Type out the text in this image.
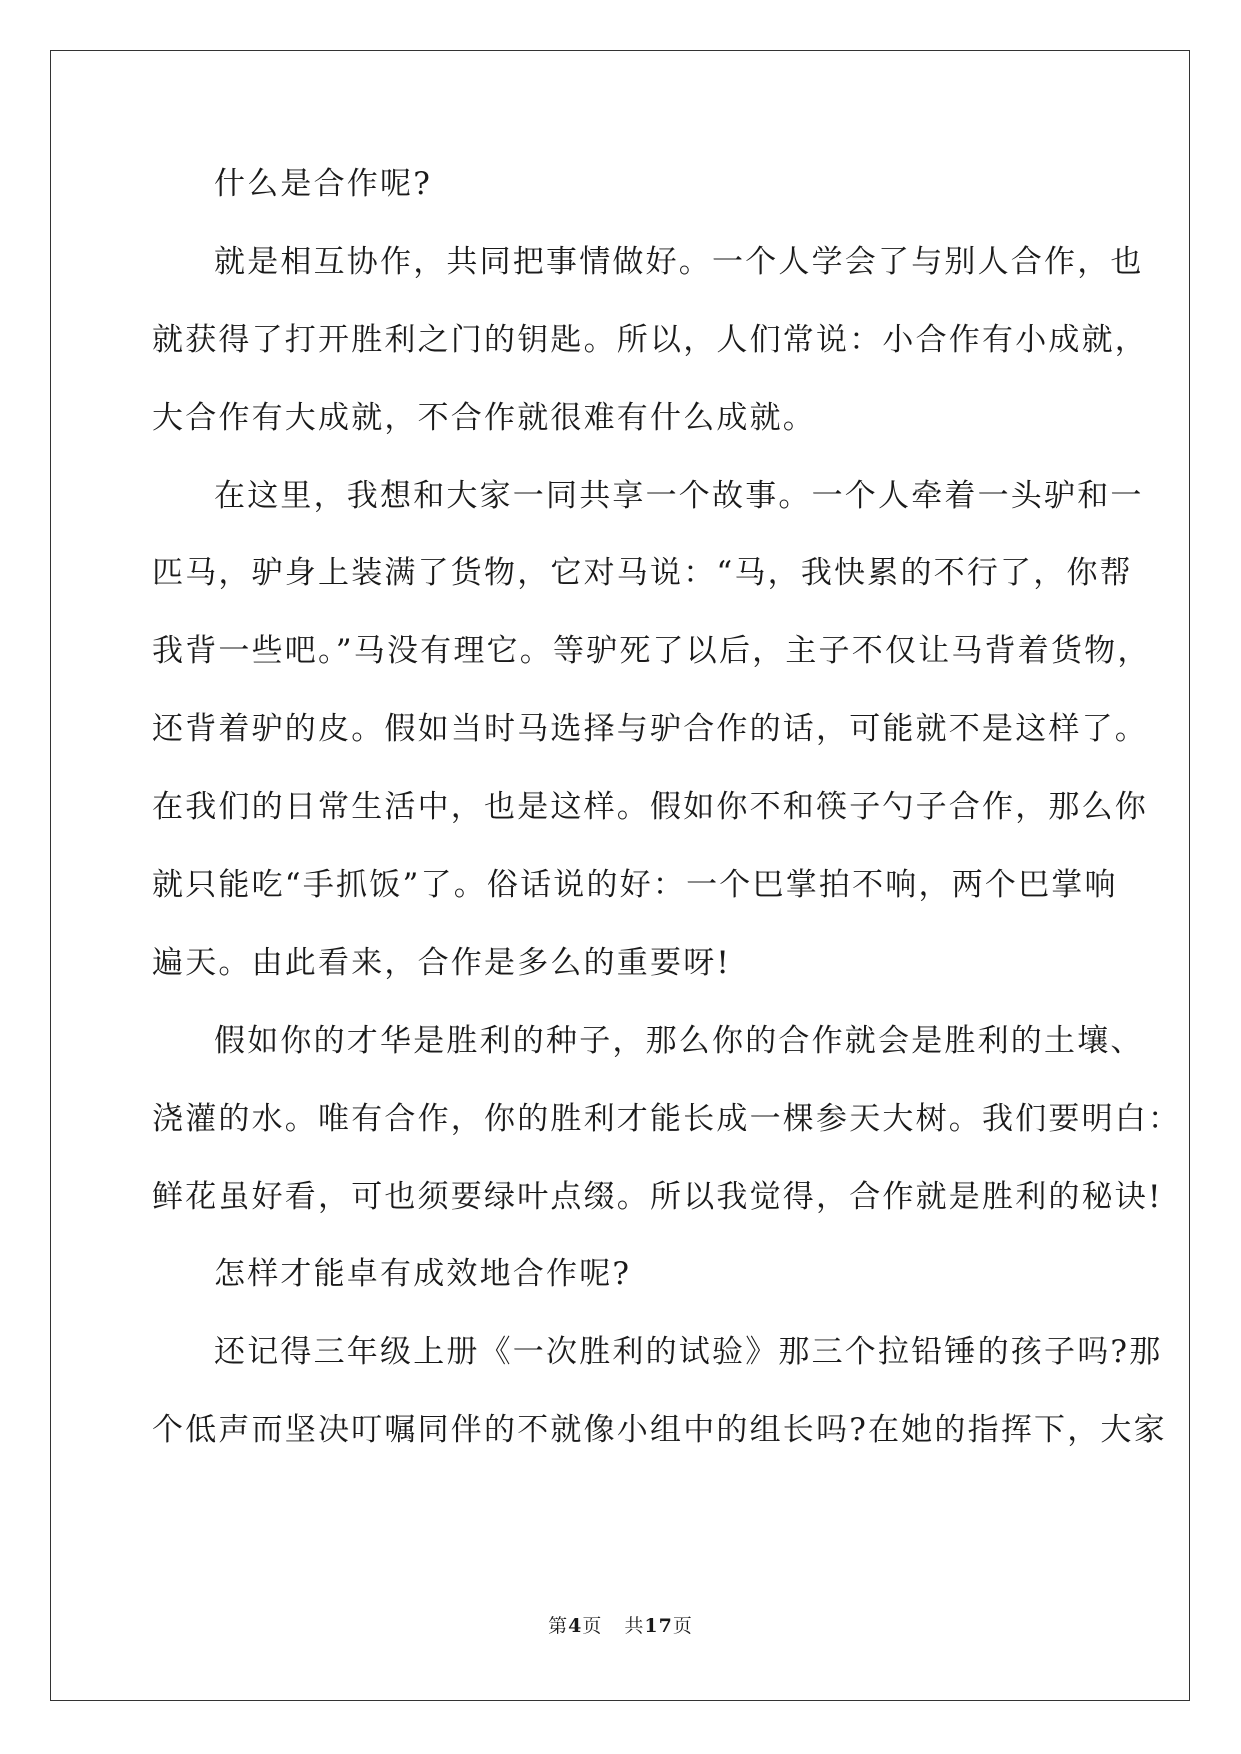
什么是合作呢?
就是相互协作，共同把事情做好。一个人学会了与别人合作，也
就获得了打开胜利之门的钥匙。所以，人们常说：小合作有小成就，
大合作有大成就，不合作就很难有什么成就。
在这里，我想和大家一同共享一个故事。一个人牵着一头驴和一
匹马，驴身上装满了货物，它对马说：“马，我快累的不行了，你帮
我背一些吧。”马没有理它。等驴死了以后，主子不仅让马背着货物，
还背着驴的皮。假如当时马选择与驴合作的话，可能就不是这样了。
在我们的日常生活中，也是这样。假如你不和筷子勺子合作，那么你
就只能吃“手抓饭”了。俗话说的好：一个巴掌拍不响，两个巴掌响
遍天。由此看来，合作是多么的重要呀!
假如你的才华是胜利的种子，那么你的合作就会是胜利的土壤、
浇灌的水。唯有合作，你的胜利才能长成一棵参天大树。我们要明白：
鲜花虽好看，可也须要绿叶点缀。所以我觉得，合作就是胜利的秘诀!
怎样才能卓有成效地合作呢?
还记得三年级上册《一次胜利的试验》那三个拉铅锤的孩子吗?那
个低声而坚决叮嘱同伴的不就像小组中的组长吗?在她的指挥下，大家
第4页 共17页
